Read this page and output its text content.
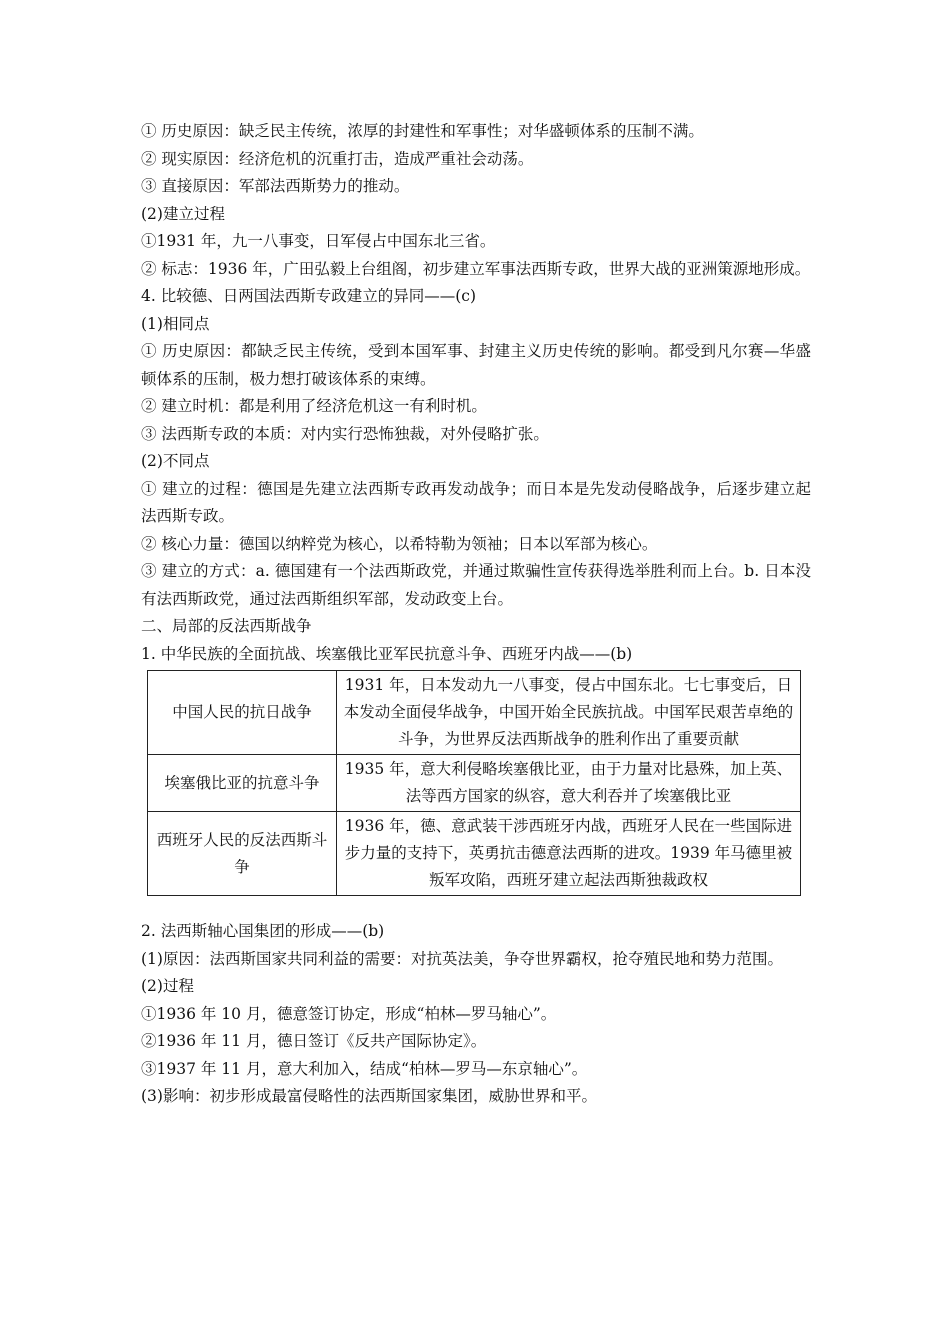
① 历史原因：缺乏民主传统，浓厚的封建性和军事性；对华盛顿体系的压制不满。

② 现实原因：经济危机的沉重打击，造成严重社会动荡。

③ 直接原因：军部法西斯势力的推动。

(2)建立过程

①1931 年，九一八事变，日军侵占中国东北三省。

② 标志：1936 年，广田弘毅上台组阁，初步建立军事法西斯专政，世界大战的亚洲策源地形成。

4. 比较德、日两国法西斯专政建立的异同——(c)

(1)相同点

① 历史原因：都缺乏民主传统，受到本国军事、封建主义历史传统的影响。都受到凡尔赛—华盛顿体系的压制，极力想打破该体系的束缚。

② 建立时机：都是利用了经济危机这一有利时机。

③ 法西斯专政的本质：对内实行恐怖独裁，对外侵略扩张。

(2)不同点

① 建立的过程：德国是先建立法西斯专政再发动战争；而日本是先发动侵略战争，后逐步建立起法西斯专政。

② 核心力量：德国以纳粹党为核心，以希特勒为领袖；日本以军部为核心。

③ 建立的方式：a. 德国建有一个法西斯政党，并通过欺骗性宣传获得选举胜利而上台。b. 日本没有法西斯政党，通过法西斯组织军部，发动政变上台。

二、局部的反法西斯战争

1. 中华民族的全面抗战、埃塞俄比亚军民抗意斗争、西班牙内战——(b)

中国人民的抗日战争	1931 年，日本发动九一八事变，侵占中国东北。七七事变后，日本发动全面侵华战争，中国开始全民族抗战。中国军民艰苦卓绝的斗争，为世界反法西斯战争的胜利作出了重要贡献
埃塞俄比亚的抗意斗争	1935 年，意大利侵略埃塞俄比亚，由于力量对比悬殊，加上英、法等西方国家的纵容，意大利吞并了埃塞俄比亚
西班牙人民的反法西斯斗争	1936 年，德、意武装干涉西班牙内战，西班牙人民在一些国际进步力量的支持下，英勇抗击德意法西斯的进攻。1939 年马德里被叛军攻陷，西班牙建立起法西斯独裁政权

2. 法西斯轴心国集团的形成——(b)

(1)原因：法西斯国家共同利益的需要：对抗英法美，争夺世界霸权，抢夺殖民地和势力范围。

(2)过程

①1936 年 10 月，德意签订协定，形成“柏林—罗马轴心”。

②1936 年 11 月，德日签订《反共产国际协定》。

③1937 年 11 月，意大利加入，结成“柏林—罗马—东京轴心”。

(3)影响：初步形成最富侵略性的法西斯国家集团，威胁世界和平。
